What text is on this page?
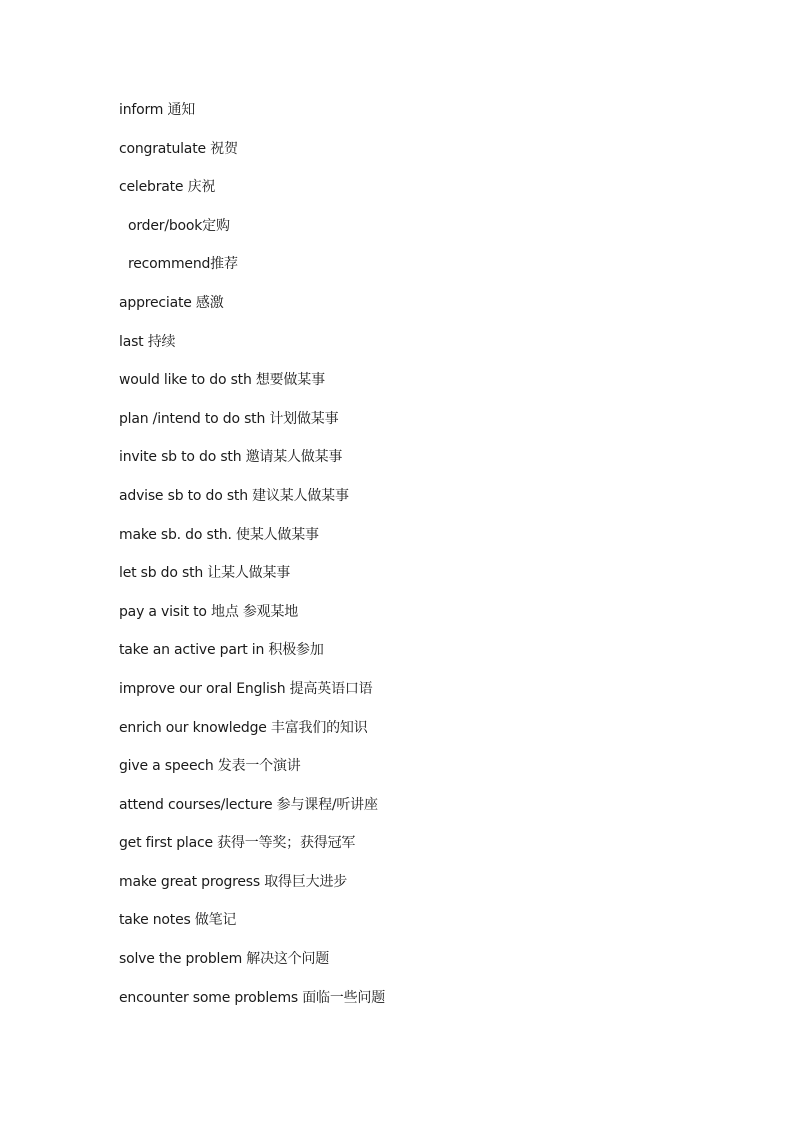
inform 通知
congratulate 祝贺
celebrate 庆祝
order/book定购
recommend推荐
appreciate 感激
last 持续
would like to do sth 想要做某事
plan /intend to do sth 计划做某事
invite sb to do sth 邀请某人做某事
advise sb to do sth 建议某人做某事
make sb. do sth. 使某人做某事
let sb do sth 让某人做某事
pay a visit to 地点 参观某地
take an active part in 积极参加
improve our oral English 提高英语口语
enrich our knowledge 丰富我们的知识
give a speech 发表一个演讲
attend courses/lecture 参与课程/听讲座
get first place 获得一等奖；获得冠军
make great progress 取得巨大进步
take notes 做笔记
solve the problem 解决这个问题
encounter some problems 面临一些问题
